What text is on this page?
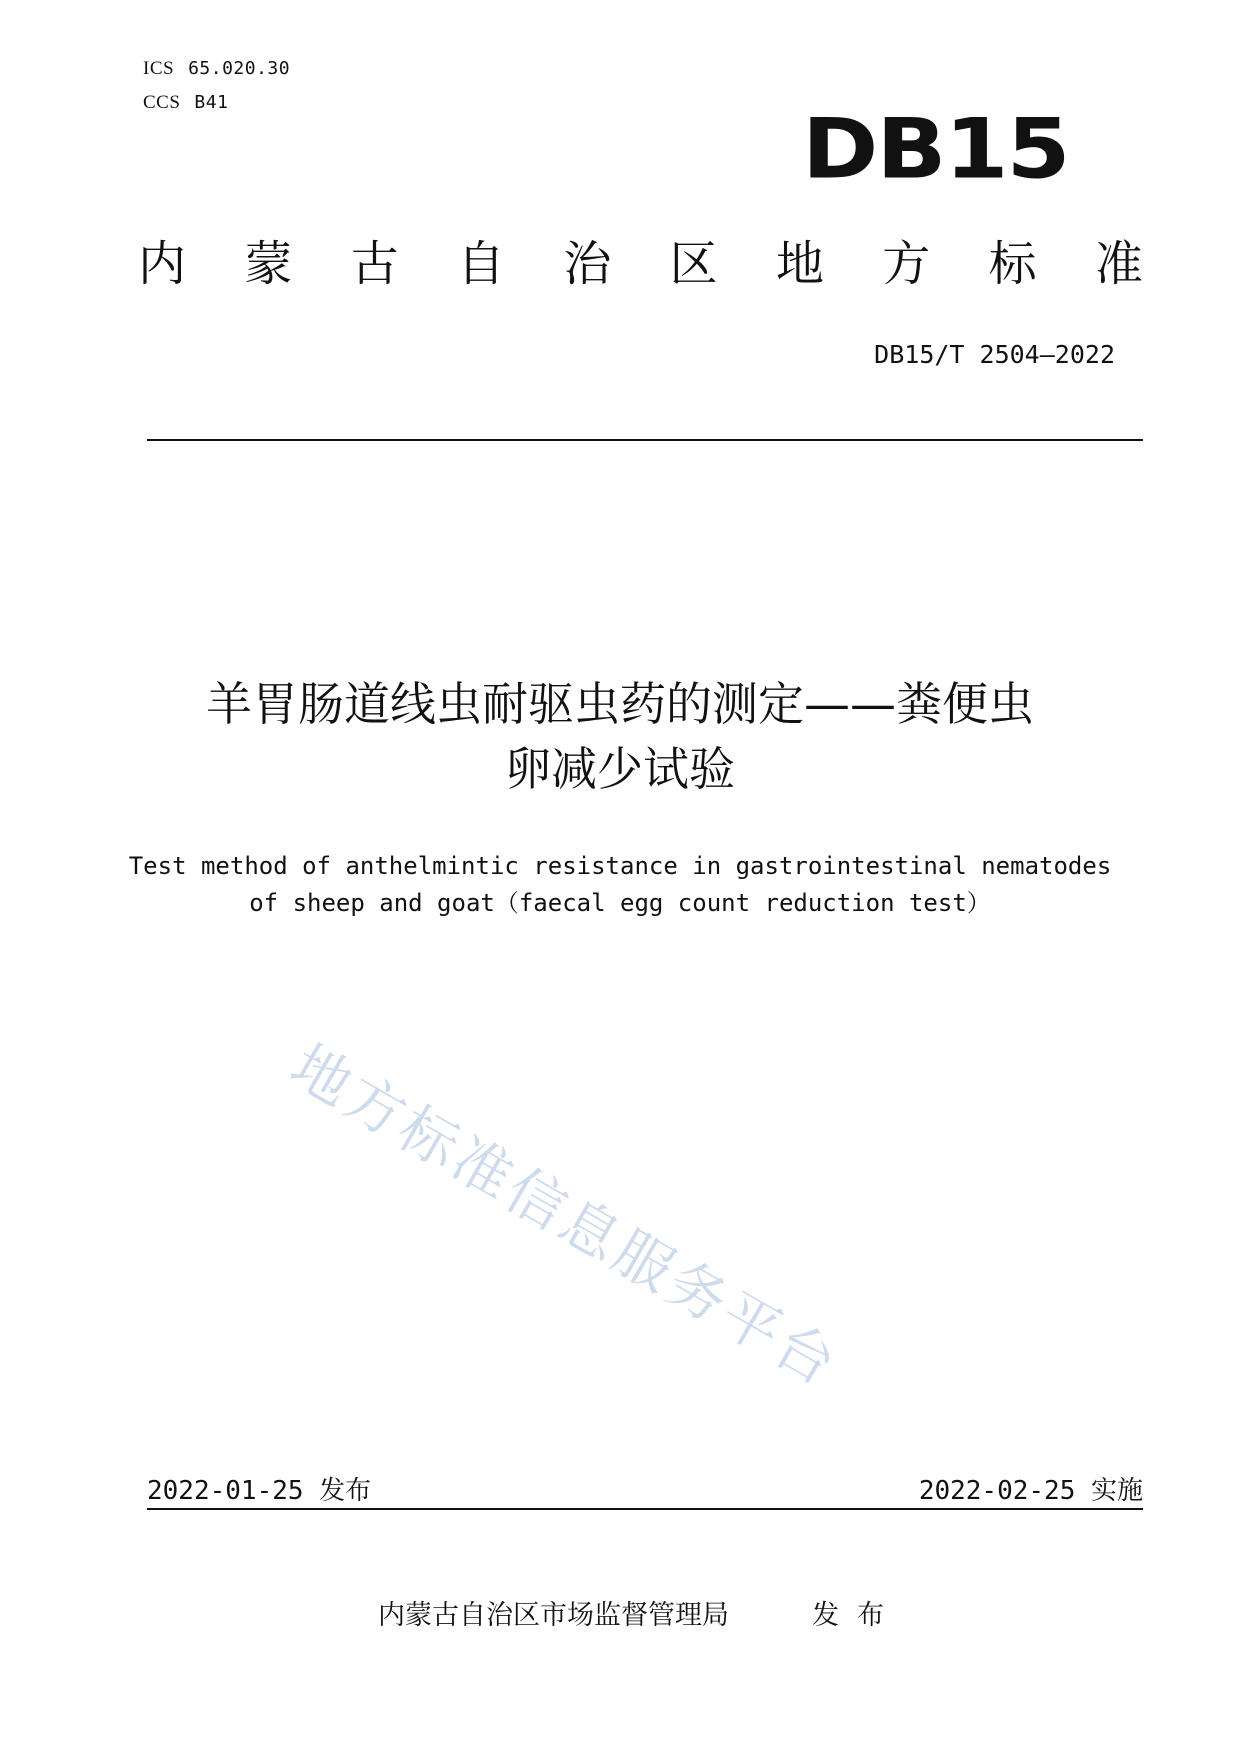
ICS 65.020.30
CCS B41	DB15
内 蒙 古 自 治 区 地 方 标 准
DB15/T 2504—2022
羊胃肠道线虫耐驱虫药的测定——粪便虫
卵减少试验
Test method of anthelmintic resistance in gastrointestinal nematodes
of sheep and goat（faecal egg count reduction test）
地方标准信息服务平台
2022-01-25 发布	2022-02-25 实施
内蒙古自治区市场监督管理局	发布
